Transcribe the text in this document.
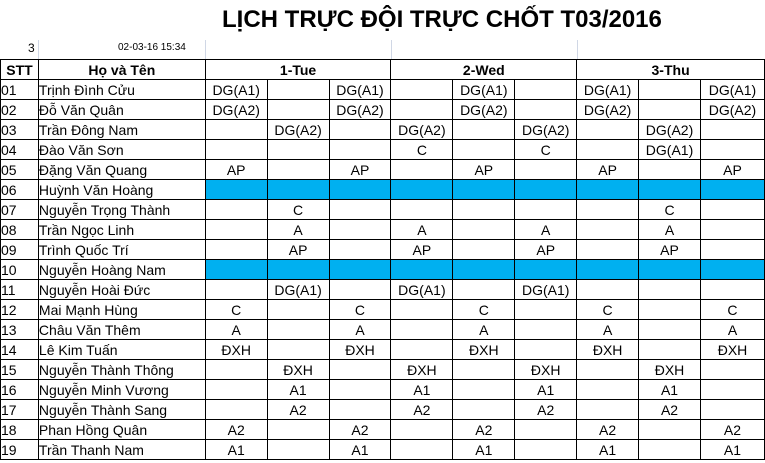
LỊCH TRỰC ĐỘI TRỰC CHỐT T03/2016
3	02-03-16 15:34
STT	Họ và Tên	1-Tue			2-Wed			3-Thu		
01	Trịnh Đình Cửu	DG(A1)		DG(A1)		DG(A1)		DG(A1)		DG(A1)
02	Đỗ Văn Quân	DG(A2)		DG(A2)		DG(A2)		DG(A2)		DG(A2)
03	Trần Đông Nam		DG(A2)		DG(A2)		DG(A2)		DG(A2)	
04	Đào Văn Sơn				C		C		DG(A1)	
05	Đặng Văn Quang	AP		AP		AP		AP		AP
06	Huỳnh Văn Hoàng									
07	Nguyễn Trọng Thành		C						C	
08	Trần Ngọc Linh		A		A		A		A	
09	Trình Quốc Trí		AP		AP		AP		AP	
10	Nguyễn Hoàng Nam									
11	Nguyễn Hoài Đức		DG(A1)		DG(A1)		DG(A1)			
12	Mai Mạnh Hùng	C		C		C		C		C
13	Châu Văn Thêm	A		A		A		A		A
14	Lê Kim Tuấn	ĐXH		ĐXH		ĐXH		ĐXH		ĐXH
15	Nguyễn Thành Thông		ĐXH		ĐXH		ĐXH		ĐXH	
16	Nguyễn Minh Vương		A1		A1		A1		A1	
17	Nguyễn Thành Sang		A2		A2		A2		A2	
18	Phan Hồng Quân	A2		A2		A2		A2		A2
19	Trần Thanh Nam	A1		A1		A1		A1		A1
